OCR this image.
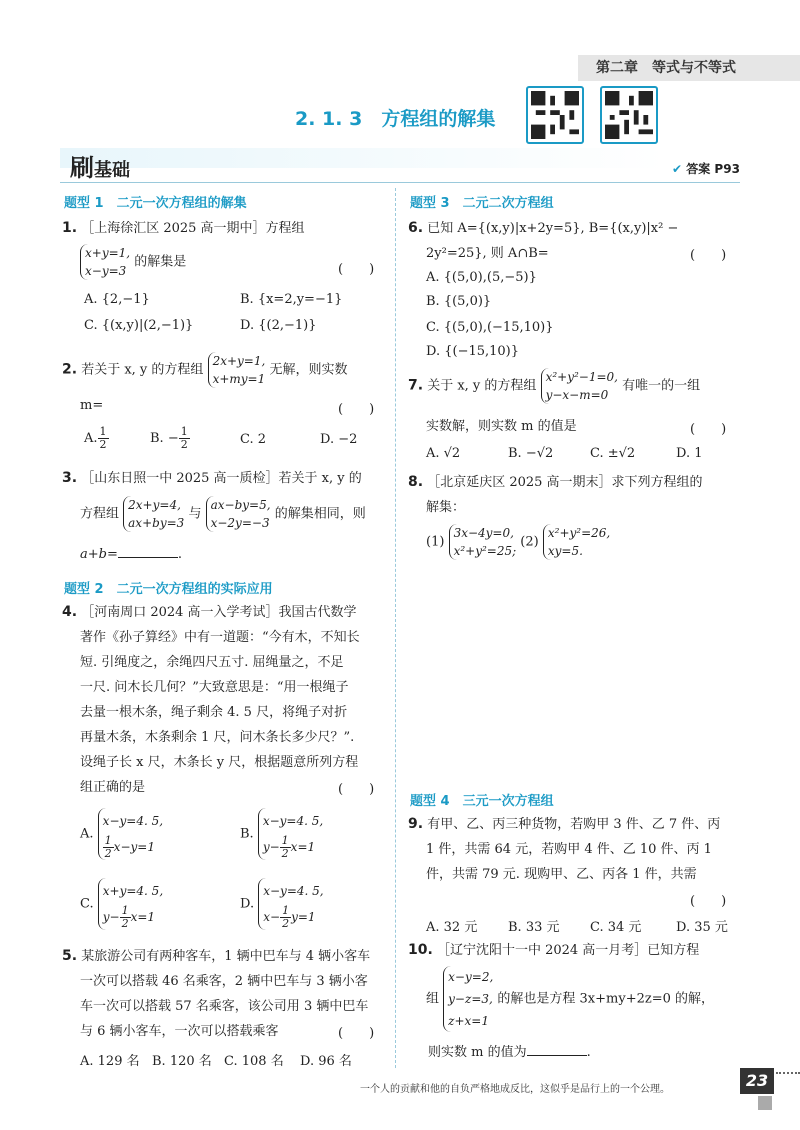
第二章　等式与不等式
2. 1. 3　方程组的解集
刷基础	✔ 答案 P93
题型 1　二元一次方程组的解集
1. ［上海徐汇区 2025 高一期中］方程组
x+y=1,
x−y=3 的解集是	(　　)
A. {2,−1}	B. {x=2,y=−1}
C. {(x,y)|(2,−1)}	D. {(2,−1)}
2. 若关于 x, y 的方程组 2x+y=1,
x+my=1 无解，则实数
m=	(　　)
A. $\frac{1}{2}$	B. − $\frac{1}{2}$	C. 2	D. −2
3. ［山东日照一中 2025 高一质检］若关于 x, y 的
方程组 2x+y=4,
ax+by=3 与 ax−by=5,
x−2y=−3 的解集相同，则
a+b=	.
题型 2　二元一次方程组的实际应用
4. ［河南周口 2024 高一入学考试］我国古代数学
著作《孙子算经》中有一道题：“今有木，不知长
短. 引绳度之，余绳四尺五寸. 屈绳量之，不足
一尺. 问木长几何？”大致意思是：“用一根绳子
去量一根木条，绳子剩余 4. 5 尺，将绳子对折
再量木条，木条剩余 1 尺，问木条长多少尺？”.
设绳子长 x 尺，木条长 y 尺，根据题意所列方程
组正确的是	(　　)
A. x−y=4. 5,

$\frac{1}{2} x-y=1$
B. x−y=4. 5,
$y- \frac{1}{2} x=1$
C. x+y=4. 5,
$y- \frac{1}{2} x=1$
D. x−y=4. 5,
$x- \frac{1}{2} y=1$
5. 某旅游公司有两种客车，1 辆中巴车与 4 辆小客车
一次可以搭载 46 名乘客，2 辆中巴车与 3 辆小客
车一次可以搭载 57 名乘客，该公司用 3 辆中巴车
与 6 辆小客车，一次可以搭载乘客	(　　)
A. 129 名 B. 120 名 C. 108 名 D. 96 名
题型 3　二元二次方程组
6. 已知 A={(x,y)|x+2y=5}, B={(x,y)|x² −
2y²=25}, 则 A∩B=	(　　)
A. {(5,0),(5,−5)}
B. {(5,0)}
C. {(5,0),(−15,10)}
D. {(−15,10)}
7. 关于 x, y 的方程组 x²+y²−1=0,
y−x−m=0 有唯一的一组
实数解，则实数 m 的值是	(　　)
A. √2	B. −√2	C. ±√2	D. 1
8. ［北京延庆区 2025 高一期末］求下列方程组的
解集：
(1) 3x−4y=0,
x²+y²=25; (2) x²+y²=26,
xy=5.
题型 4　三元一次方程组
9. 有甲、乙、丙三种货物，若购甲 3 件、乙 7 件、丙
1 件，共需 64 元，若购甲 4 件、乙 10 件、丙 1
件，共需 79 元. 现购甲、乙、丙各 1 件，共需
(　　)
A. 32 元 B. 33 元 C. 34 元	D. 35 元
10. ［辽宁沈阳十一中 2024 高一月考］已知方程
组 x−y=2,
y−z=3,
z+x=1 的解也是方程 3x+my+2z=0 的解，
则实数 m 的值为	.
一个人的贡献和他的自负严格地成反比，这似乎是品行上的一个公理。	23
